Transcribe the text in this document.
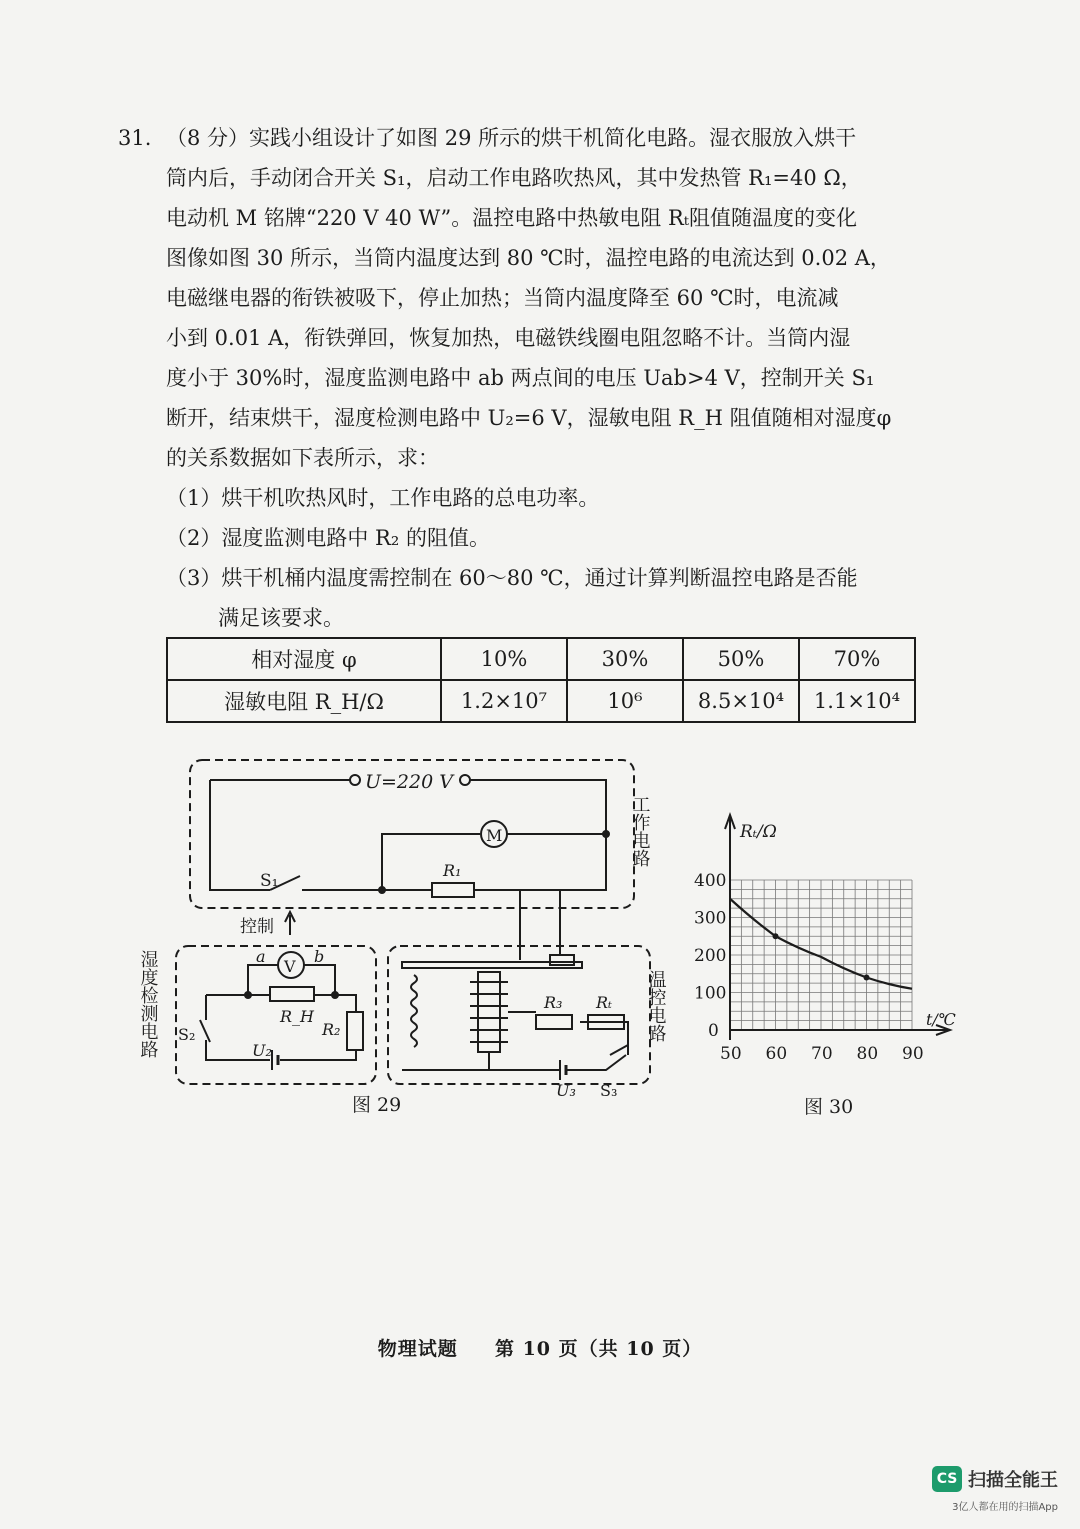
31. （8 分）实践小组设计了如图 29 所示的烘干机简化电路。湿衣服放入烘干
筒内后，手动闭合开关 S₁，启动工作电路吹热风，其中发热管 R₁=40 Ω，
电动机 M 铭牌“220 V 40 W”。温控电路中热敏电阻 Rₜ阻值随温度的变化
图像如图 30 所示，当筒内温度达到 80 ℃时，温控电路的电流达到 0.02 A，
电磁继电器的衔铁被吸下，停止加热；当筒内温度降至 60 ℃时，电流减
小到 0.01 A，衔铁弹回，恢复加热，电磁铁线圈电阻忽略不计。当筒内湿
度小于 30%时，湿度监测电路中 ab 两点间的电压 Uab>4 V，控制开关 S₁
断开，结束烘干，湿度检测电路中 U₂=6 V，湿敏电阻 R_H 阻值随相对湿度φ
的关系数据如下表所示，求：
（1）烘干机吹热风时，工作电路的总电功率。
（2）湿度监测电路中 R₂ 的阻值。
（3）烘干机桶内温度需控制在 60～80 ℃，通过计算判断温控电路是否能
满足该要求。
相对湿度 φ	10%	30%	50%	70%
湿敏电阻 R_H/Ω	1.2×10⁷	10⁶	8.5×10⁴	1.1×10⁴
U=220 V
S₁
M
R₁
工作电路
控制
湿度检测电路	V
a	b
R_H
R₂
S₂
U₂
温控电路
R₃ Rₜ
U₃ S₃
图 29
50 60 70 80 90
0
100
200
300
400
Rₜ/Ω
t/℃
图 30
物理试题 第 10 页（共 10 页）
CS 扫描全能王
3亿人都在用的扫描App
